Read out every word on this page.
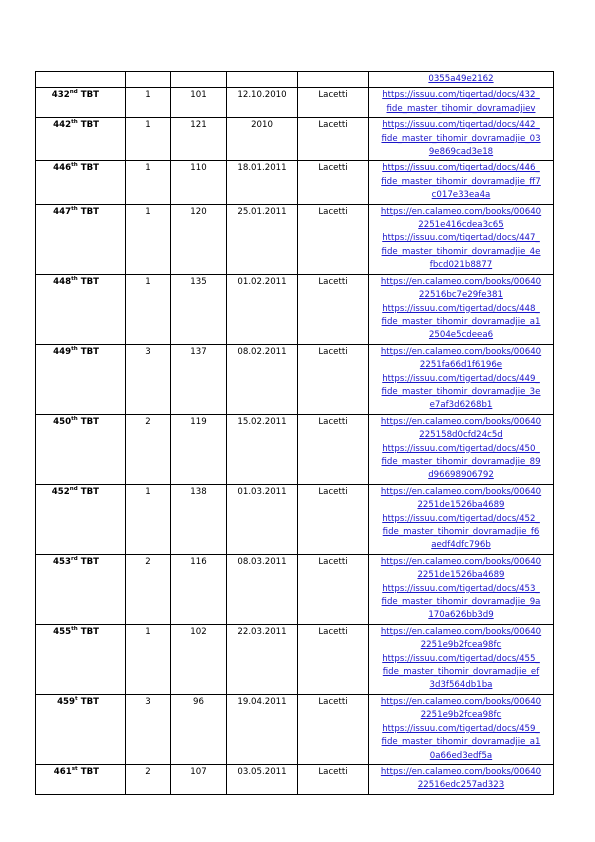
					0355a49e2162

432nd TBT	1	101	12.10.2010	Lacetti	https://issuu.com/tigertad/docs/432_
fide_master_tihomir_dovramadjiev

442th TBT	1	121	2010	Lacetti	https://issuu.com/tigertad/docs/442_
fide_master_tihomir_dovramadjie_03
9e869cad3e18

446th TBT	1	110	18.01.2011	Lacetti	https://issuu.com/tigertad/docs/446_
fide_master_tihomir_dovramadjie_ff7
c017e33ea4a

447th TBT	1	120	25.01.2011	Lacetti	https://en.calameo.com/books/00640
2251e416cdea3c65
https://issuu.com/tigertad/docs/447_
fide_master_tihomir_dovramadjie_4e
fbcd021b8877

448th TBT	1	135	01.02.2011	Lacetti	https://en.calameo.com/books/00640
22516bc7e29fe381
https://issuu.com/tigertad/docs/448_
fide_master_tihomir_dovramadjie_a1
2504e5cdeea6

449th TBT	3	137	08.02.2011	Lacetti	https://en.calameo.com/books/00640
2251fa66d1f6196e
https://issuu.com/tigertad/docs/449_
fide_master_tihomir_dovramadjie_3e
e7af3d6268b1

450th TBT	2	119	15.02.2011	Lacetti	https://en.calameo.com/books/00640
225158d0cfd24c5d
https://issuu.com/tigertad/docs/450_
fide_master_tihomir_dovramadjie_89
d96698906792

452nd TBT	1	138	01.03.2011	Lacetti	https://en.calameo.com/books/00640
2251de1526ba4689
https://issuu.com/tigertad/docs/452_
fide_master_tihomir_dovramadjie_f6
aedf4dfc796b

453rd TBT	2	116	08.03.2011	Lacetti	https://en.calameo.com/books/00640
2251de1526ba4689
https://issuu.com/tigertad/docs/453_
fide_master_tihomir_dovramadjie_9a
170a626bb3d9

455th TBT	1	102	22.03.2011	Lacetti	https://en.calameo.com/books/00640
2251e9b2fcea98fc
https://issuu.com/tigertad/docs/455_
fide_master_tihomir_dovramadjie_ef
3d3f564db1ba

459$^t$ TBT	3	96	19.04.2011	Lacetti	https://en.calameo.com/books/00640
2251e9b2fcea98fc
https://issuu.com/tigertad/docs/459_
fide_master_tihomir_dovramadjie_a1
0a66ed3edf5a

461st TBT	2	107	03.05.2011	Lacetti	https://en.calameo.com/books/00640
22516edc257ad323
